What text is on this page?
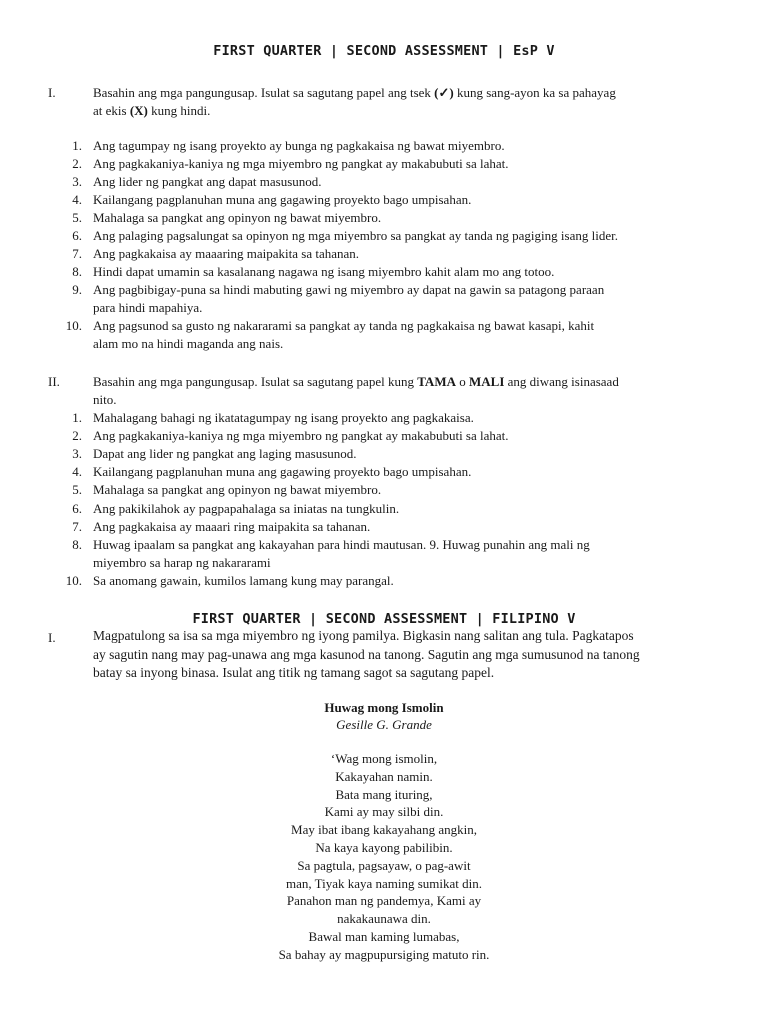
FIRST QUARTER | SECOND ASSESSMENT | EsP V
I.	Basahin ang mga pangungusap. Isulat sa sagutang papel ang tsek (✓) kung sang-ayon ka sa pahayag
at ekis (X) kung hindi.
1. Ang tagumpay ng isang proyekto ay bunga ng pagkakaisa ng bawat miyembro.
2. Ang pagkakaniya-kaniya ng mga miyembro ng pangkat ay makabubuti sa lahat.
3. Ang lider ng pangkat ang dapat masusunod.
4. Kailangang pagplanuhan muna ang gagawing proyekto bago umpisahan.
5. Mahalaga sa pangkat ang opinyon ng bawat miyembro.
6. Ang palaging pagsalungat sa opinyon ng mga miyembro sa pangkat ay tanda ng pagiging isang lider.
7. Ang pagkakaisa ay maaaring maipakita sa tahanan.
8. Hindi dapat umamin sa kasalanang nagawa ng isang miyembro kahit alam mo ang totoo.
9. Ang pagbibigay-puna sa hindi mabuting gawi ng miyembro ay dapat na gawin sa patagong paraan
para hindi mapahiya.
10. Ang pagsunod sa gusto ng nakararami sa pangkat ay tanda ng pagkakaisa ng bawat kasapi, kahit
alam mo na hindi maganda ang nais.
II.	Basahin ang mga pangungusap. Isulat sa sagutang papel kung TAMA o MALI ang diwang isinasaad
nito.
1. Mahalagang bahagi ng ikatatagumpay ng isang proyekto ang pagkakaisa.
2. Ang pagkakaniya-kaniya ng mga miyembro ng pangkat ay makabubuti sa lahat.
3. Dapat ang lider ng pangkat ang laging masusunod.
4. Kailangang pagplanuhan muna ang gagawing proyekto bago umpisahan.
5. Mahalaga sa pangkat ang opinyon ng bawat miyembro.
6. Ang pakikilahok ay pagpapahalaga sa iniatas na tungkulin.
7. Ang pagkakaisa ay maaari ring maipakita sa tahanan.
8. Huwag ipaalam sa pangkat ang kakayahan para hindi mautusan. 9. Huwag punahin ang mali ng
miyembro sa harap ng nakararami
10. Sa anomang gawain, kumilos lamang kung may parangal.
FIRST QUARTER | SECOND ASSESSMENT | FILIPINO V
I.	Magpatulong sa isa sa mga miyembro ng iyong pamilya. Bigkasin nang salitan ang tula. Pagkatapos
ay sagutin nang may pag-unawa ang mga kasunod na tanong. Sagutin ang mga sumusunod na tanong
batay sa inyong binasa. Isulat ang titik ng tamang sagot sa sagutang papel.
Huwag mong Ismolin
Gesille G. Grande
‘Wag mong ismolin,
Kakayahan namin.
Bata mang ituring,
Kami ay may silbi din.
May ibat ibang kakayahang angkin,
Na kaya kayong pabilibin.
Sa pagtula, pagsayaw, o pag-awit
man, Tiyak kaya naming sumikat din.
Panahon man ng pandemya, Kami ay
nakakaunawa din.
Bawal man kaming lumabas,
Sa bahay ay magpupursiging matuto rin.
